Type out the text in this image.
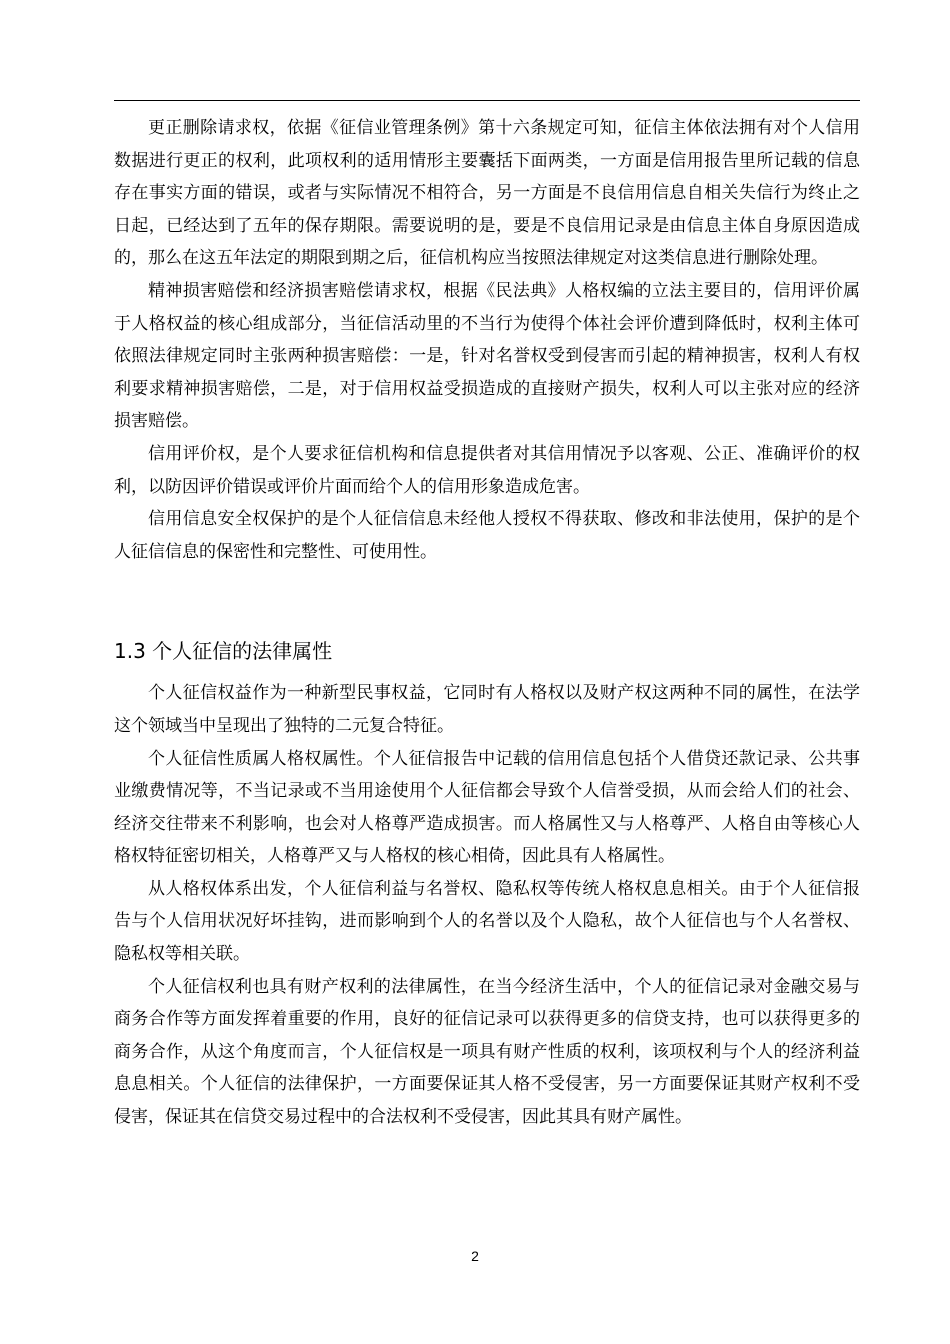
更正删除请求权，依据《征信业管理条例》第十六条规定可知，征信主体依法拥有对个人信用数据进行更正的权利，此项权利的适用情形主要囊括下面两类，一方面是信用报告里所记载的信息存在事实方面的错误，或者与实际情况不相符合，另一方面是不良信用信息自相关失信行为终止之日起，已经达到了五年的保存期限。需要说明的是，要是不良信用记录是由信息主体自身原因造成的，那么在这五年法定的期限到期之后，征信机构应当按照法律规定对这类信息进行删除处理。

精神损害赔偿和经济损害赔偿请求权，根据《民法典》人格权编的立法主要目的，信用评价属于人格权益的核心组成部分，当征信活动里的不当行为使得个体社会评价遭到降低时，权利主体可依照法律规定同时主张两种损害赔偿：一是，针对名誉权受到侵害而引起的精神损害，权利人有权利要求精神损害赔偿，二是，对于信用权益受损造成的直接财产损失，权利人可以主张对应的经济损害赔偿。

信用评价权，是个人要求征信机构和信息提供者对其信用情况予以客观、公正、准确评价的权利，以防因评价错误或评价片面而给个人的信用形象造成危害。

信用信息安全权保护的是个人征信信息未经他人授权不得获取、修改和非法使用，保护的是个人征信信息的保密性和完整性、可使用性。

1.3 个人征信的法律属性

个人征信权益作为一种新型民事权益，它同时有人格权以及财产权这两种不同的属性，在法学这个领域当中呈现出了独特的二元复合特征。

个人征信性质属人格权属性。个人征信报告中记载的信用信息包括个人借贷还款记录、公共事业缴费情况等，不当记录或不当用途使用个人征信都会导致个人信誉受损，从而会给人们的社会、经济交往带来不利影响，也会对人格尊严造成损害。而人格属性又与人格尊严、人格自由等核心人格权特征密切相关，人格尊严又与人格权的核心相倚，因此具有人格属性。

从人格权体系出发，个人征信利益与名誉权、隐私权等传统人格权息息相关。由于个人征信报告与个人信用状况好坏挂钩，进而影响到个人的名誉以及个人隐私，故个人征信也与个人名誉权、隐私权等相关联。

个人征信权利也具有财产权利的法律属性，在当今经济生活中，个人的征信记录对金融交易与商务合作等方面发挥着重要的作用，良好的征信记录可以获得更多的信贷支持，也可以获得更多的商务合作，从这个角度而言，个人征信权是一项具有财产性质的权利，该项权利与个人的经济利益息息相关。个人征信的法律保护，一方面要保证其人格不受侵害，另一方面要保证其财产权利不受侵害，保证其在信贷交易过程中的合法权利不受侵害，因此其具有财产属性。

2
